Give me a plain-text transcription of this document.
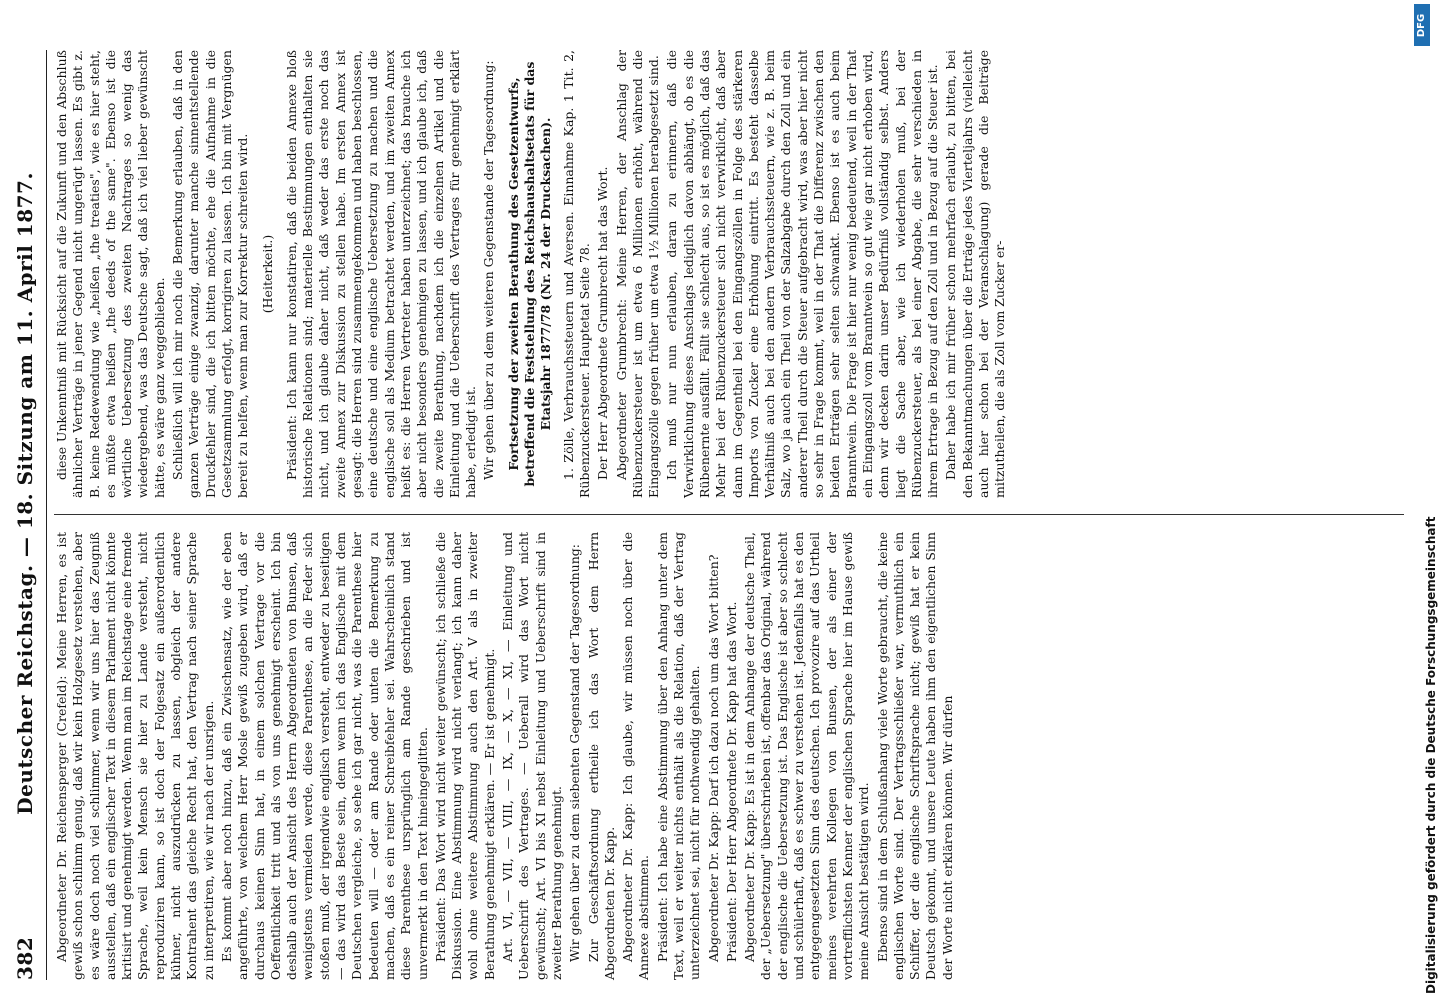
382
Deutscher Reichstag. — 18. Sitzung am 11. April 1877. Abgeordneter Dr. Reichensperger (Crefeld): Meine Herren, es ist gewiß schon schlimm genug, daß wir kein Holzgesetz verstehen, aber es wäre doch noch viel schlimmer, wenn wir uns hier das Zeugniß ausstellen, daß ein englischer Text in diesem Parlament nicht könnte kritisirt und genehmigt werden. Wenn man im Reichstage eine fremde Sprache, weil kein Mensch sie hier zu Lande versteht, nicht reproduziren kann, so ist doch der Folgesatz ein außerordentlich kühner, nicht auszudrücken zu lassen, obgleich der andere Kontrahent das gleiche Recht hat, den Vertrag nach seiner Sprache zu interpretiren, wie wir nach der unsrigen. Es kommt aber noch hinzu, daß ein Zwischensatz, wie der eben angeführte, von welchem Herr Mosle gewiß zugeben wird, daß er durchaus keinen Sinn hat, in einem solchen Vertrage vor die Oeffentlichkeit tritt und als von uns genehmigt erscheint. Ich bin deshalb auch der Ansicht des Herrn Abgeordneten von Bunsen, daß wenigstens vermieden werde, diese Parenthese, an die Feder sich stoßen muß, der irgendwie englisch versteht, entweder zu beseitigen — das wird das Beste sein, denn wenn ich das Englische mit dem Deutschen vergleiche, so sehe ich gar nicht, was die Parenthese hier bedeuten will — oder am Rande oder unten die Bemerkung zu machen, daß es ein reiner Schreibfehler sei. Wahrscheinlich stand diese Parenthese ursprünglich am Rande geschrieben und ist unvermerkt in den Text hineingeglitten. Präsident: Das Wort wird nicht weiter gewünscht; ich schließe die Diskussion. Eine Abstimmung wird nicht verlangt; ich kann daher wohl ohne weitere Abstimmung auch den Art. V als in zweiter Berathung genehmigt erklären. — Er ist genehmigt. Art. VI, — VII, — VIII, — IX, — X, — XI, — Einleitung und Ueberschrift des Vertrages. — Ueberall wird das Wort nicht gewünscht; Art. VI bis XI nebst Einleitung und Ueberschrift sind in zweiter Berathung genehmigt. Wir gehen über zu dem siebenten Gegenstand der Tagesordnung: Zur Geschäftsordnung ertheile ich das Wort dem Herrn Abgeordneten Dr. Kapp. Abgeordneter Dr. Kapp: Ich glaube, wir müssen noch über die Annexe abstimmen. Präsident: Ich habe eine Abstimmung über den Anhang unter dem Text, weil er weiter nichts enthält als die Relation, daß der Vertrag unterzeichnet sei, nicht für nothwendig gehalten. Abgeordneter Dr. Kapp: Darf ich dazu noch um das Wort bitten? Präsident: Der Herr Abgeordnete Dr. Kapp hat das Wort. Abgeordneter Dr. Kapp: Es ist in dem Anhange der deutsche Theil, der „Uebersetzung" überschrieben ist, offenbar das Original, während der englische die Uebersetzung ist. Das Englische ist aber so schlecht und schülerhaft, daß es schwer zu verstehen ist. Jedenfalls hat es den entgegengesetzten Sinn des deutschen. Ich provozire auf das Urtheil meines verehrten Kollegen von Bunsen, der als einer der vortrefflichsten Kenner der englischen Sprache hier im Hause gewiß meine Ansicht bestätigen wird. Ebenso sind in dem Schlußanhang viele Worte gebraucht, die keine englischen Worte sind. Der Vertragsschließer war, vermuthlich ein Schiffer, der die englische Schriftsprache nicht; gewiß hat er kein Deutsch gekonnt, und unsere Leute haben ihm den eigentlichen Sinn der Worte nicht erklären können. Wir dürfen

diese Unkenntniß mit Rücksicht auf die Zukunft und den Abschluß ähnlicher Verträge in jener Gegend nicht ungerügt lassen. Es gibt z. B. keine Redewendung wie „heißen „the treaties", wie es hier steht, es müßte etwa heißen „the deeds of the same". Ebenso ist die wörtliche Uebersetzung des zweiten Nachtrages so wenig das wiedergebend, was das Deutsche sagt, daß ich viel lieber gewünscht hätte, es wäre ganz weggeblieben. Schließlich will ich mir noch die Bemerkung erlauben, daß in den ganzen Verträge einige zwanzig, darunter manche sinnentstellende Druckfehler sind, die ich bitten möchte, ehe die Aufnahme in die Gesetzsammlung erfolgt, korrigiren zu lassen. Ich bin mit Vergnügen bereit zu helfen, wenn man zur Korrektur schreiten wird. (Heiterkeit.) Präsident: Ich kann nur konstatiren, daß die beiden Annexe bloß historische Relationen sind; materielle Bestimmungen enthalten sie nicht, und ich glaube daher nicht, daß weder das erste noch das zweite Annex zur Diskussion zu stellen habe. Im ersten Annex ist gesagt: die Herren sind zusammengekommen und haben beschlossen, eine deutsche und eine englische Uebersetzung zu machen und die englische soll als Medium betrachtet werden, und im zweiten Annex heißt es: die Herren Vertreter haben unterzeichnet; das brauche ich aber nicht besonders genehmigen zu lassen, und ich glaube ich, daß die zweite Berathung, nachdem ich die einzelnen Artikel und die Einleitung und die Ueberschrift des Vertrages für genehmigt erklärt habe, erledigt ist. Wir gehen über zu dem weiteren Gegenstande der Tagesordnung: Fortsetzung der zweiten Berathung des Gesetzentwurfs, betreffend die Feststellung des Reichshaushaltsetats für das Etatsjahr 1877/78 (Nr. 24 der Drucksachen). 1. Zölle, Verbrauchssteuern und Aversen. Einnahme Kap. 1 Tit. 2, Rübenzuckersteuer. Hauptetat Seite 78. Der Herr Abgeordnete Grumbrecht hat das Wort. Abgeordneter Grumbrecht: Meine Herren, der Anschlag der Rübenzuckersteuer ist um etwa 6 Millionen erhöht, während die Eingangszölle gegen früher um etwa 1½ Millionen herabgesetzt sind. Ich muß nur nun erlauben, daran zu erinnern, daß die Verwirklichung dieses Anschlags lediglich davon abhängt, ob es die Rübenernte ausfällt. Fällt sie schlecht aus, so ist es möglich, daß das Mehr bei der Rübenzuckersteuer sich nicht verwirklicht, daß aber dann im Gegentheil bei den Eingangszöllen in Folge des stärkeren Imports von Zucker eine Erhöhung eintritt. Es besteht dasselbe Verhältniß auch bei den andern Verbrauchssteuern, wie z. B. beim Salz, wo ja auch ein Theil von der Salzabgabe durch den Zoll und ein anderer Theil durch die Steuer aufgebracht wird, was aber hier nicht so sehr in Frage kommt, weil in der That die Differenz zwischen den beiden Erträgen sehr selten schwankt. Ebenso ist es auch beim Branntwein. Die Frage ist hier nur wenig bedeutend, weil in der That ein Eingangszoll vom Branntwein so gut wie gar nicht erhoben wird, denn wir decken darin unser Bedürfniß vollständig selbst. Anders liegt die Sache aber, wie ich wiederholen muß, bei der Rübenzuckersteuer, als bei einer Abgabe, die sehr verschieden in ihrem Ertrage in Bezug auf den Zoll und in Bezug auf die Steuer ist. Daher habe ich mir früher schon mehrfach erlaubt, zu bitten, bei den Bekanntmachungen über die Erträge jedes Vierteljahrs (vielleicht auch hier schon bei der Veranschlagung) gerade die Beiträge mitzutheilen, die als Zoll vom Zucker er-

DFG
Digitalisierung gefördert durch die Deutsche Forschungsgemeinschaft
